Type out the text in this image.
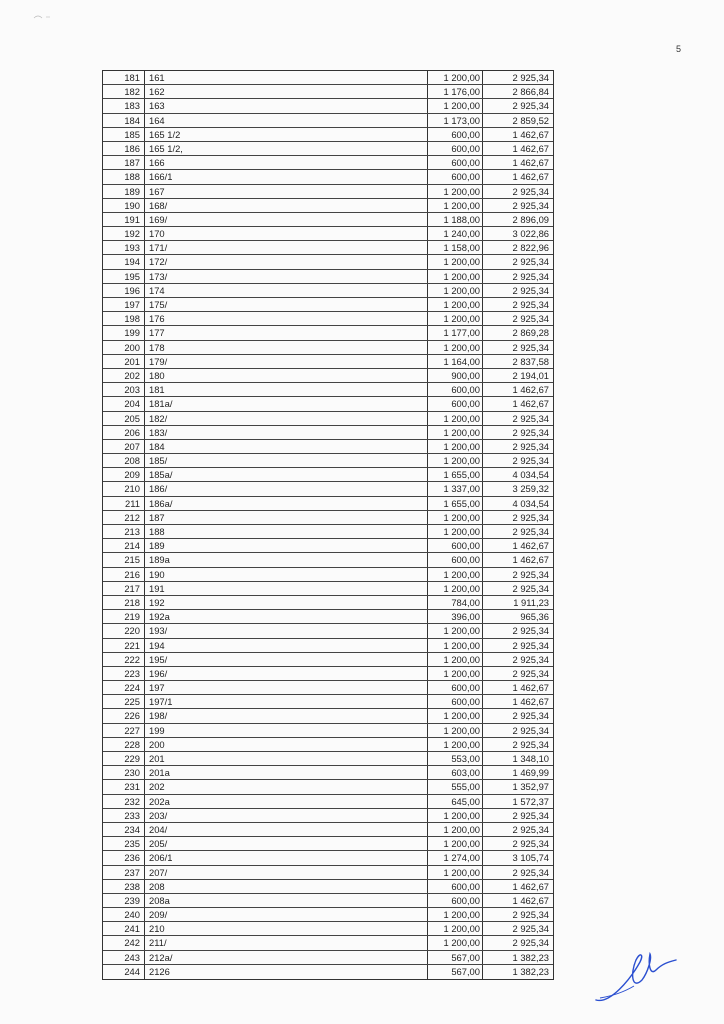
5
181 161	1 200,00	2 925,34
182 162	1 176,00	2 866,84
183 163	1 200,00	2 925,34
184 164	1 173,00	2 859,52
185 165 1/2	600,00	1 462,67
186 165 1/2,	600,00	1 462,67
187 166	600,00	1 462,67
188 166/1	600,00	1 462,67
189 167	1 200,00	2 925,34
190 168/	1 200,00	2 925,34
191 169/	1 188,00	2 896,09
192 170	1 240,00	3 022,86
193 171/	1 158,00	2 822,96
194 172/	1 200,00	2 925,34
195 173/	1 200,00	2 925,34
196 174	1 200,00	2 925,34
197 175/	1 200,00	2 925,34
198 176	1 200,00	2 925,34
199 177	1 177,00	2 869,28
200 178	1 200,00	2 925,34
201 179/	1 164,00	2 837,58
202 180	900,00	2 194,01
203 181	600,00	1 462,67
204 181a/	600,00	1 462,67
205 182/	1 200,00	2 925,34
206 183/	1 200,00	2 925,34
207 184	1 200,00	2 925,34
208 185/	1 200,00	2 925,34
209 185a/	1 655,00	4 034,54
210 186/	1 337,00	3 259,32
211 186a/	1 655,00	4 034,54
212 187	1 200,00	2 925,34
213 188	1 200,00	2 925,34
214 189	600,00	1 462,67
215 189a	600,00	1 462,67
216 190	1 200,00	2 925,34
217 191	1 200,00	2 925,34
218 192	784,00	1 911,23
219 192a	396,00	965,36
220 193/	1 200,00	2 925,34
221 194	1 200,00	2 925,34
222 195/	1 200,00	2 925,34
223 196/	1 200,00	2 925,34
224 197	600,00	1 462,67
225 197/1	600,00	1 462,67
226 198/	1 200,00	2 925,34
227 199	1 200,00	2 925,34
228 200	1 200,00	2 925,34
229 201	553,00	1 348,10
230 201a	603,00	1 469,99
231 202	555,00	1 352,97
232 202a	645,00	1 572,37
233 203/	1 200,00	2 925,34
234 204/	1 200,00	2 925,34
235 205/	1 200,00	2 925,34
236 206/1	1 274,00	3 105,74
237 207/	1 200,00	2 925,34
238 208	600,00	1 462,67
239 208a	600,00	1 462,67
240 209/	1 200,00	2 925,34
241 210	1 200,00	2 925,34
242 211/	1 200,00	2 925,34
243 212a/	567,00	1 382,23
244 2126	567,00	1 382,23
